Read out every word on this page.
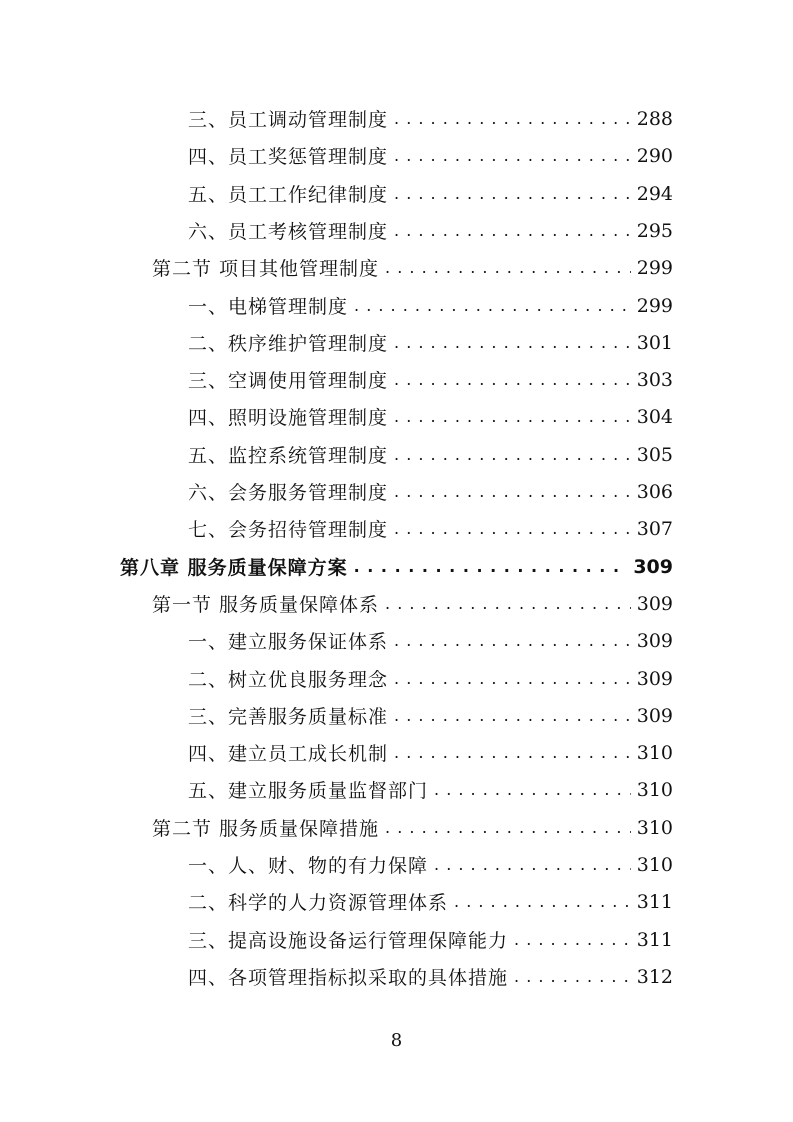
三、员工调动管理制度 . . .	288
四、员工奖惩管理制度 . . .	290
五、员工工作纪律制度 . . .	294
六、员工考核管理制度 . . .	295
第二节 项目其他管理制度 . . .	299
一、电梯管理制度 . . .	299
二、秩序维护管理制度 . . .	301
三、空调使用管理制度 . . .	303
四、照明设施管理制度 . . .	304
五、监控系统管理制度 . . .	305
六、会务服务管理制度 . . .	306
七、会务招待管理制度 . . .	307
第八章 服务质量保障方案 . . .	309
第一节 服务质量保障体系 . . .	309
一、建立服务保证体系 . . .	309
二、树立优良服务理念 . . .	309
三、完善服务质量标准 . . .	309
四、建立员工成长机制 . . .	310
五、建立服务质量监督部门 . . .	310
第二节 服务质量保障措施 . . .	310
一、人、财、物的有力保障 . . .	310
二、科学的人力资源管理体系 . . .	311
三、提高设施设备运行管理保障能力 . . .	311
四、各项管理指标拟采取的具体措施 . . .	312
8
